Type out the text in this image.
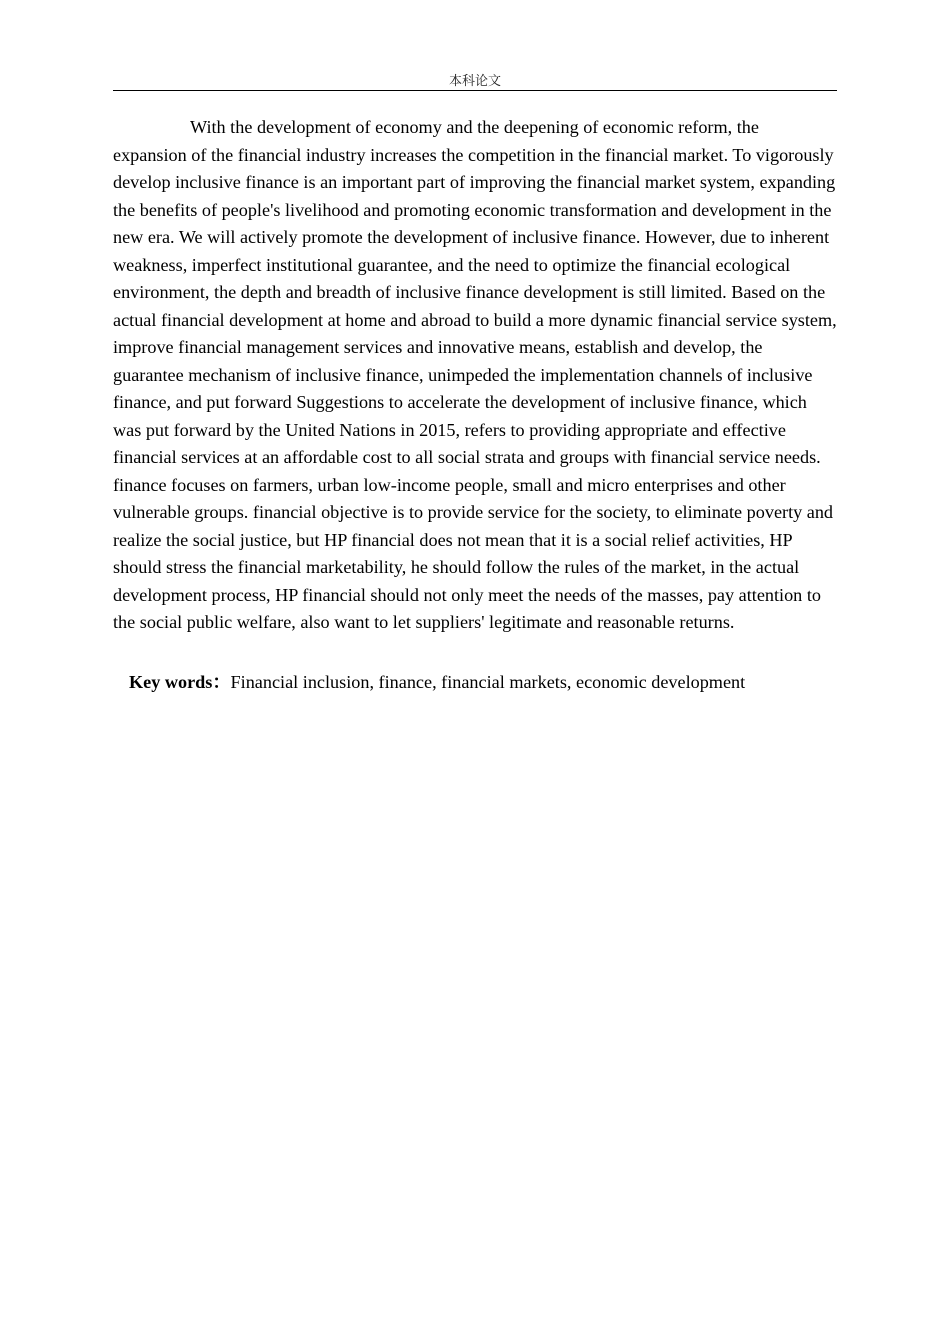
本科论文

With the development of economy and the deepening of economic reform, the expansion of the financial industry increases the competition in the financial market. To vigorously develop inclusive finance is an important part of improving the financial market system, expanding the benefits of people's livelihood and promoting economic transformation and development in the new era. We will actively promote the development of inclusive finance. However, due to inherent weakness, imperfect institutional guarantee, and the need to optimize the financial ecological environment, the depth and breadth of inclusive finance development is still limited. Based on the actual financial development at home and abroad to build a more dynamic financial service system, improve financial management services and innovative means, establish and develop, the guarantee mechanism of inclusive finance, unimpeded the implementation channels of inclusive finance, and put forward Suggestions to accelerate the development of inclusive finance, which was put forward by the United Nations in 2015, refers to providing appropriate and effective financial services at an affordable cost to all social strata and groups with financial service needs. finance focuses on farmers, urban low-income people, small and micro enterprises and other vulnerable groups. financial objective is to provide service for the society, to eliminate poverty and realize the social justice, but HP financial does not mean that it is a social relief activities, HP should stress the financial marketability, he should follow the rules of the market, in the actual development process, HP financial should not only meet the needs of the masses, pay attention to the social public welfare, also want to let suppliers' legitimate and reasonable returns.

Key words：Financial inclusion, finance, financial markets, economic development
